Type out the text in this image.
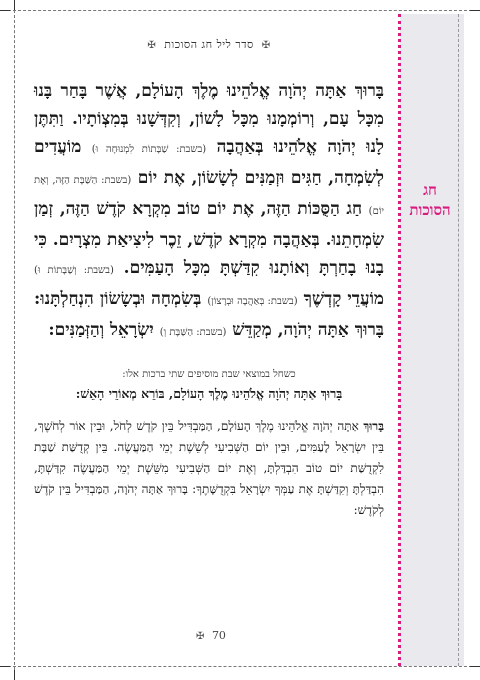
חג
הסוכות
✠ סדר ליל חג הסוכות ✠
בָּרוּךְ אַתָּה יְהֹוָה אֱלֹהֵינוּ מֶלֶךְ הָעוֹלָם, אֲשֶׁר בָּחַר בָּנוּ מִכָּל עָם, וְרוֹמְמָנוּ מִכָּל לָשׁוֹן, וְקִדְּשָׁנוּ בְּמִצְוֹתָיו. וַתִּתֶּן לָנוּ יְהֹוָה אֱלֹהֵינוּ בְּאַהֲבָה (בשבת: שַׁבָּתוֹת לִמְנוּחָה וּ) מוֹעֲדִים לְשִׂמְחָה, חַגִּים וּזְמַנִּים לְשָׂשׂוֹן, אֶת יוֹם (בשבת: הַשַּׁבָּת הַזֶּה, וְאֶת יוֹם) חַג הַסֻּכּוֹת הַזֶּה, אֶת יוֹם טוֹב מִקְרָא קֹדֶשׁ הַזֶּה, זְמַן שִׂמְחָתֵנוּ. בְּאַהֲבָה מִקְרָא קֹדֶשׁ, זֵכֶר לִיצִיאַת מִצְרָיִם. כִּי בָנוּ בָחַרְתָּ וְאוֹתָנוּ קִדַּשְׁתָּ מִכָּל הָעַמִּים. (בשבת: וְשַׁבָּתוֹת וּ) מוֹעֲדֵי קָדְשֶׁךָ (בשבת: בְּאַהֲבָה וּבְרָצוֹן) בְּשִׂמְחָה וּבְשָׂשׂוֹן הִנְחַלְתָּנוּ: בָּרוּךְ אַתָּה יְהֹוָה, מְקַדֵּשׁ (בשבת: הַשַּׁבָּת וְ) יִשְׂרָאֵל וְהַזְּמַנִּים:
כשחל במוצאי שבת מוסיפים שתי ברכות אלו:
בָּרוּךְ אַתָּה יְהֹוָה אֱלֹהֵינוּ מֶלֶךְ הָעוֹלָם, בּוֹרֵא מְאוֹרֵי הָאֵשׁ:
בָּרוּךְ אַתָּה יְהֹוָה אֱלֹהֵינוּ מֶלֶךְ הָעוֹלָם, הַמַּבְדִּיל בֵּין קֹדֶשׁ לְחֹל, וּבֵין אוֹר לְחֹשֶׁךְ, בֵּין יִשְׂרָאֵל לָעַמִּים, וּבֵין יוֹם הַשְּׁבִיעִי לְשֵׁשֶׁת יְמֵי הַמַּעֲשֶׂה. בֵּין קְדֻשַּׁת שַׁבָּת לִקְדֻשַּׁת יוֹם טוֹב הִבְדַּלְתָּ, וְאֶת יוֹם הַשְּׁבִיעִי מִשֵּׁשֶׁת יְמֵי הַמַּעֲשֶׂה קִדַּשְׁתָּ, הִבְדַּלְתָּ וְקִדַּשְׁתָּ אֶת עַמְּךָ יִשְׂרָאֵל בִּקְדֻשָּׁתֶךָ: בָּרוּךְ אַתָּה יְהֹוָה, הַמַּבְדִּיל בֵּין קֹדֶשׁ לְקֹדֶשׁ:
70 ✠
